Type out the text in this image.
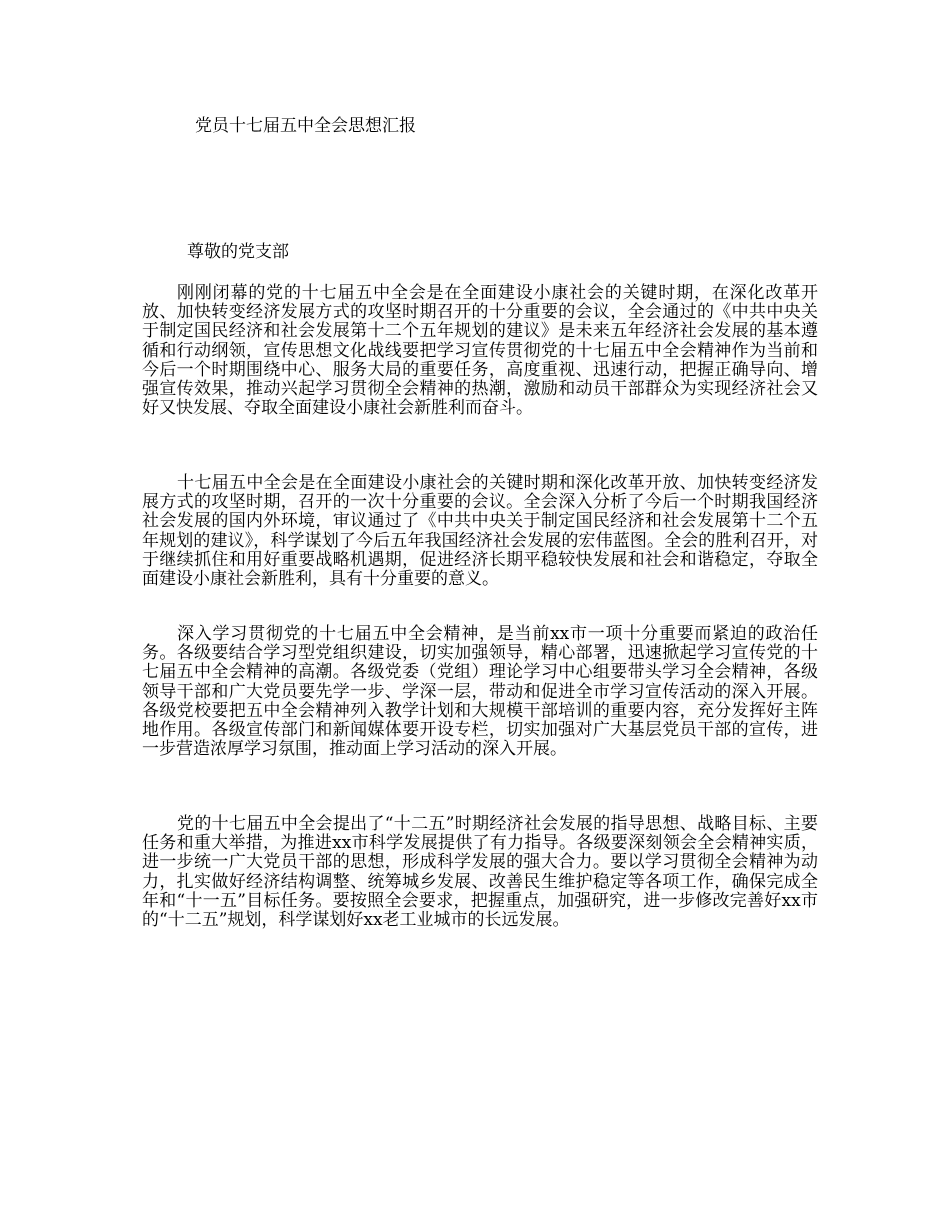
党员十七届五中全会思想汇报
尊敬的党支部

刚刚闭幕的党的十七届五中全会是在全面建设小康社会的关键时期，在深化改革开放、加快转变经济发展方式的攻坚时期召开的十分重要的会议，全会通过的《中共中央关于制定国民经济和社会发展第十二个五年规划的建议》是未来五年经济社会发展的基本遵循和行动纲领，宣传思想文化战线要把学习宣传贯彻党的十七届五中全会精神作为当前和今后一个时期围绕中心、服务大局的重要任务，高度重视、迅速行动，把握正确导向、增强宣传效果，推动兴起学习贯彻全会精神的热潮，激励和动员干部群众为实现经济社会又好又快发展、夺取全面建设小康社会新胜利而奋斗。

十七届五中全会是在全面建设小康社会的关键时期和深化改革开放、加快转变经济发展方式的攻坚时期，召开的一次十分重要的会议。全会深入分析了今后一个时期我国经济社会发展的国内外环境，审议通过了《中共中央关于制定国民经济和社会发展第十二个五年规划的建议》，科学谋划了今后五年我国经济社会发展的宏伟蓝图。全会的胜利召开，对于继续抓住和用好重要战略机遇期，促进经济长期平稳较快发展和社会和谐稳定，夺取全面建设小康社会新胜利，具有十分重要的意义。

深入学习贯彻党的十七届五中全会精神，是当前xx市一项十分重要而紧迫的政治任务。各级要结合学习型党组织建设，切实加强领导，精心部署，迅速掀起学习宣传党的十七届五中全会精神的高潮。各级党委（党组）理论学习中心组要带头学习全会精神，各级领导干部和广大党员要先学一步、学深一层，带动和促进全市学习宣传活动的深入开展。各级党校要把五中全会精神列入教学计划和大规模干部培训的重要内容，充分发挥好主阵地作用。各级宣传部门和新闻媒体要开设专栏，切实加强对广大基层党员干部的宣传，进一步营造浓厚学习氛围，推动面上学习活动的深入开展。

党的十七届五中全会提出了“十二五”时期经济社会发展的指导思想、战略目标、主要任务和重大举措，为推进xx市科学发展提供了有力指导。各级要深刻领会全会精神实质，进一步统一广大党员干部的思想，形成科学发展的强大合力。要以学习贯彻全会精神为动力，扎实做好经济结构调整、统筹城乡发展、改善民生维护稳定等各项工作，确保完成全年和“十一五”目标任务。要按照全会要求，把握重点，加强研究，进一步修改完善好xx市的“十二五”规划，科学谋划好xx老工业城市的长远发展。
